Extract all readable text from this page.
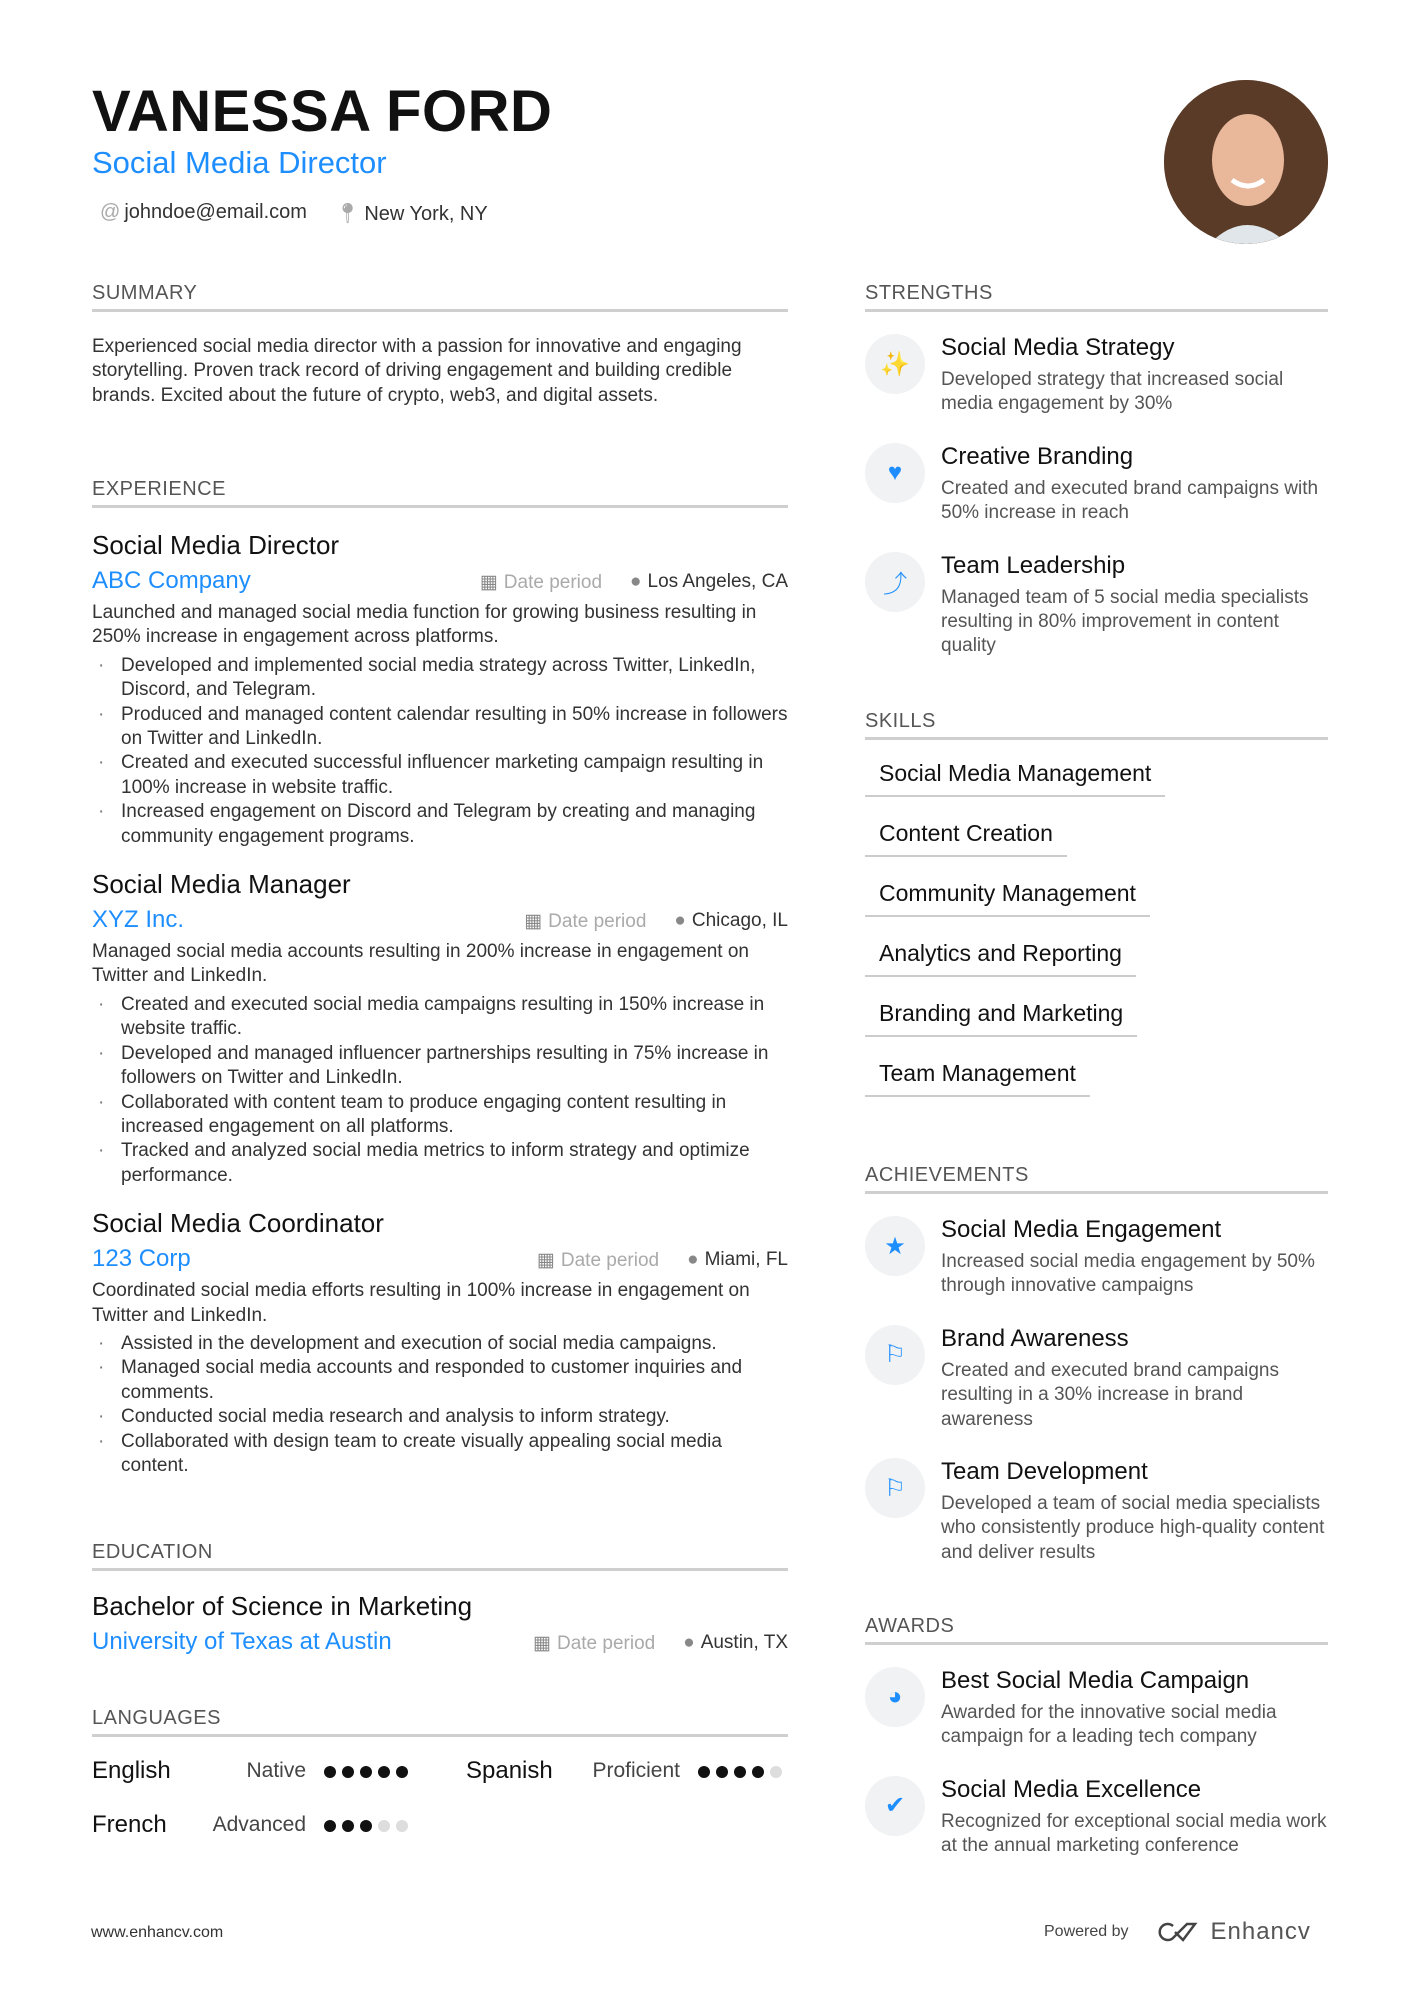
VANESSA FORD
Social Media Director
@ johndoe@email.com 📍︎ New York, NY
SUMMARY
Experienced social media director with a passion for innovative and engaging storytelling. Proven track record of driving engagement and building credible brands. Excited about the future of crypto, web3, and digital assets.
EXPERIENCE
Social Media Director
ABC Company	▦ Date period ● Los Angeles, CA
Launched and managed social media function for growing business resulting in 250% increase in engagement across platforms.
· Developed and implemented social media strategy across Twitter, LinkedIn, Discord, and Telegram.
· Produced and managed content calendar resulting in 50% increase in followers on Twitter and LinkedIn.
· Created and executed successful influencer marketing campaign resulting in 100% increase in website traffic.
· Increased engagement on Discord and Telegram by creating and managing community engagement programs.
Social Media Manager
XYZ Inc.	▦ Date period ● Chicago, IL
Managed social media accounts resulting in 200% increase in engagement on Twitter and LinkedIn.
· Created and executed social media campaigns resulting in 150% increase in website traffic.
· Developed and managed influencer partnerships resulting in 75% increase in followers on Twitter and LinkedIn.
· Collaborated with content team to produce engaging content resulting in increased engagement on all platforms.
· Tracked and analyzed social media metrics to inform strategy and optimize performance.
Social Media Coordinator
123 Corp	▦ Date period ● Miami, FL
Coordinated social media efforts resulting in 100% increase in engagement on Twitter and LinkedIn.
· Assisted in the development and execution of social media campaigns.
· Managed social media accounts and responded to customer inquiries and comments.
· Conducted social media research and analysis to inform strategy.
· Collaborated with design team to create visually appealing social media content.
EDUCATION
Bachelor of Science in Marketing
University of Texas at Austin	▦ Date period ● Austin, TX
LANGUAGES
English	Native	Spanish Proficient
French Advanced
STRENGTHS
✨
Social Media Strategy
Developed strategy that increased social media engagement by 30%
♥
Creative Branding
Created and executed brand campaigns with 50% increase in reach
⤴
Team Leadership
Managed team of 5 social media specialists resulting in 80% improvement in content quality
SKILLS
Social Media Management
Content Creation
Community Management
Analytics and Reporting
Branding and Marketing
Team Management
ACHIEVEMENTS
★
Social Media Engagement
Increased social media engagement by 50% through innovative campaigns
⚐
Brand Awareness
Created and executed brand campaigns resulting in a 30% increase in brand awareness
⚐
Team Development
Developed a team of social media specialists who consistently produce high-quality content and deliver results
AWARDS
◕
Best Social Media Campaign
Awarded for the innovative social media campaign for a leading tech company
✔
Social Media Excellence
Recognized for exceptional social media work at the annual marketing conference
www.enhancv.com	Powered by	Enhancv
